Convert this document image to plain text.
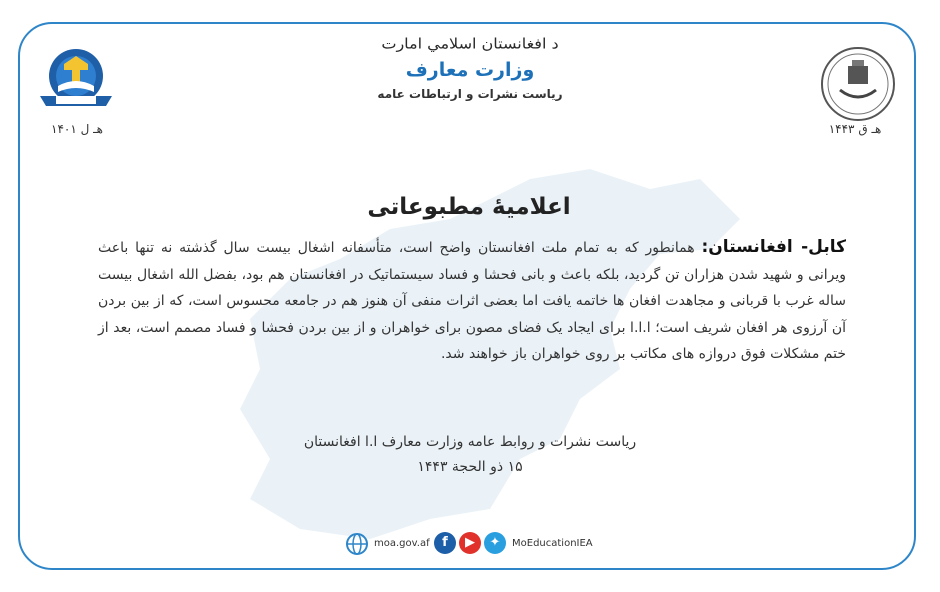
۱۴۰۱ هـ ل
د افغانستان اسلامي امارت
وزارت معارف
ریاست نشرات و ارتباطات عامه
۱۴۴۳ هـ ق
اعلامیهٔ مطبوعاتی
کابل- افغانستان: همانطور که به تمام ملت افغانستان واضح است، متأسفانه اشغال بیست سال گذشته نه تنها باعث ویرانی و شهید شدن هزاران تن گردید، بلکه باعث و بانی فحشا و فساد سیستماتیک در افغانستان هم بود، بفضل الله اشغال بیست ساله غرب با قربانی و مجاهدت افغان ها خاتمه یافت اما بعضی اثرات منفی آن هنوز هم در جامعه محسوس است، که از بین بردن آن آرزوی هر افغان شریف است؛ ا.ا.ا برای ایجاد یک فضای مصون برای خواهران و از بین بردن فحشا و فساد مصمم است، بعد از ختم مشکلات فوق دروازه های مکاتب بر روی خواهران باز خواهند شد.
ریاست نشرات و روابط عامه وزارت معارف ا.ا افغانستان
۱۵ ذو الحجة ۱۴۴۳
moa.gov.af f	▶	✦	MoEducationIEA
